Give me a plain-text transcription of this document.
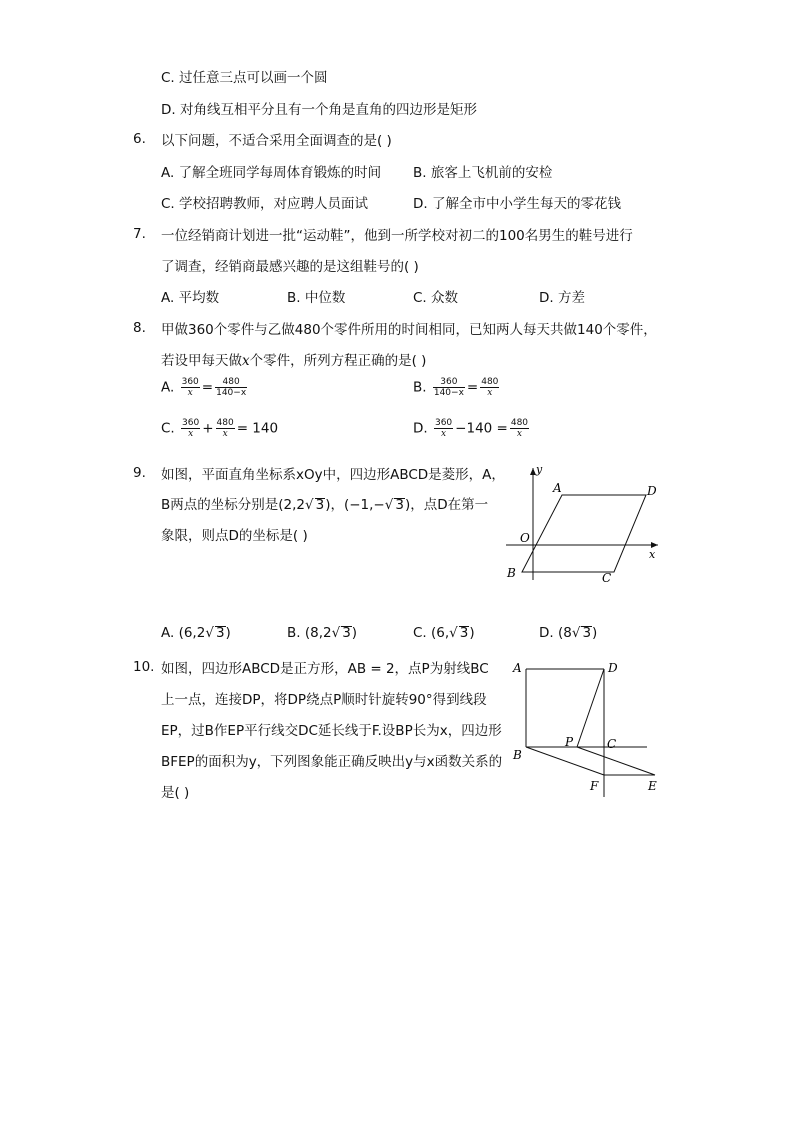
C. 过任意三点可以画一个圆
D. 对角线互相平分且有一个角是直角的四边形是矩形
6. 以下问题，不适合采用全面调查的是( )
A. 了解全班同学每周体育锻炼的时间 B. 旅客上飞机前的安检
C. 学校招聘教师，对应聘人员面试	D. 了解全市中小学生每天的零花钱
7. 一位经销商计划进一批“运动鞋”，他到一所学校对初二的100名男生的鞋号进行
了调查，经销商最感兴趣的是这组鞋号的( )
A. 平均数	B. 中位数	C. 众数	D. 方差
8. 甲做360个零件与乙做480个零件所用的时间相同，已知两人每天共做140个零件，
若设甲每天做x个零件，所列方程正确的是( )
A. $\frac{360}{x} = \frac{480}{140-x}$	B. $\frac{360}{140-x} = \frac{480}{x}$
C. $\frac{360}{x} + \frac{480}{x} = 140$	D. $\frac{360}{x} -140 = \frac{480}{x}$
9. 如图，平面直角坐标系xOy中，四边形ABCD是菱形，A，
B两点的坐标分别是(2,2√ 3)，(−1,−√ 3)，点D在第一
象限，则点D的坐标是( )
A	D
O
B	C
y
x
A. (6,2√ 3)	B. (8,2√ 3)	C. (6,√ 3)	D. (8√ 3)
10. 如图，四边形ABCD是正方形，AB = 2，点P为射线BC
上一点，连接DP，将DP绕点P顺时针旋转90°得到线段
EP，过B作EP平行线交DC延长线于F.设BP长为x，四边形
BFEP的面积为y，下列图象能正确反映出y与x函数关系的
是( )
A	D
B
C
P
F	E
